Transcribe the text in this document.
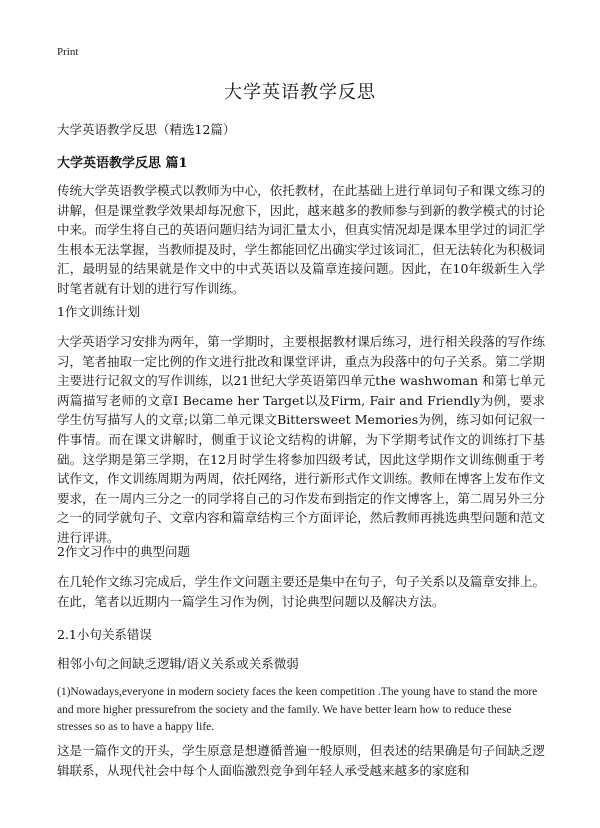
Print
大学英语教学反思
大学英语教学反思（精选12篇）
大学英语教学反思 篇1

传统大学英语教学模式以教师为中心，依托教材，在此基础上进行单词句子和课文练习的讲解，但是课堂教学效果却每况愈下，因此，越来越多的教师参与到新的教学模式的讨论中来。而学生将自己的英语问题归结为词汇量太小，但真实情况却是课本里学过的词汇学生根本无法掌握，当教师提及时，学生都能回忆出确实学过该词汇，但无法转化为积极词汇，最明显的结果就是作文中的中式英语以及篇章连接问题。因此，在10年级新生入学时笔者就有计划的进行写作训练。

1作文训练计划

大学英语学习安排为两年，第一学期时，主要根据教材课后练习，进行相关段落的写作练习，笔者抽取一定比例的作文进行批改和课堂评讲，重点为段落中的句子关系。第二学期主要进行记叙文的写作训练，以21世纪大学英语第四单元the washwoman 和第七单元两篇描写老师的文章I Became her Target以及Firm, Fair and Friendly为例，要求学生仿写描写人的文章;以第二单元课文Bittersweet Memories为例，练习如何记叙一件事情。而在课文讲解时，侧重于议论文结构的讲解，为下学期考试作文的训练打下基础。这学期是第三学期，在12月时学生将参加四级考试，因此这学期作文训练侧重于考试作文，作文训练周期为两周，依托网络，进行新形式作文训练。教师在博客上发布作文要求，在一周内三分之一的同学将自己的习作发布到指定的作文博客上，第二周另外三分之一的同学就句子、文章内容和篇章结构三个方面评论，然后教师再挑选典型问题和范文进行评讲。

2作文习作中的典型问题

在几轮作文练习完成后，学生作文问题主要还是集中在句子，句子关系以及篇章安排上。在此，笔者以近期内一篇学生习作为例，讨论典型问题以及解决方法。

2.1小句关系错误
相邻小句之间缺乏逻辑/语义关系或关系微弱

(1)Nowadays,everyone in modern society faces the keen competition .The young have to stand the more and more higher pressurefrom the society and the family. We have better learn how to reduce these stresses so as to have a happy life.

这是一篇作文的开头，学生原意是想遵循普遍一般原则，但表述的结果确是句子间缺乏逻辑联系，从现代社会中每个人面临激烈竞争到年轻人承受越来越多的家庭和
